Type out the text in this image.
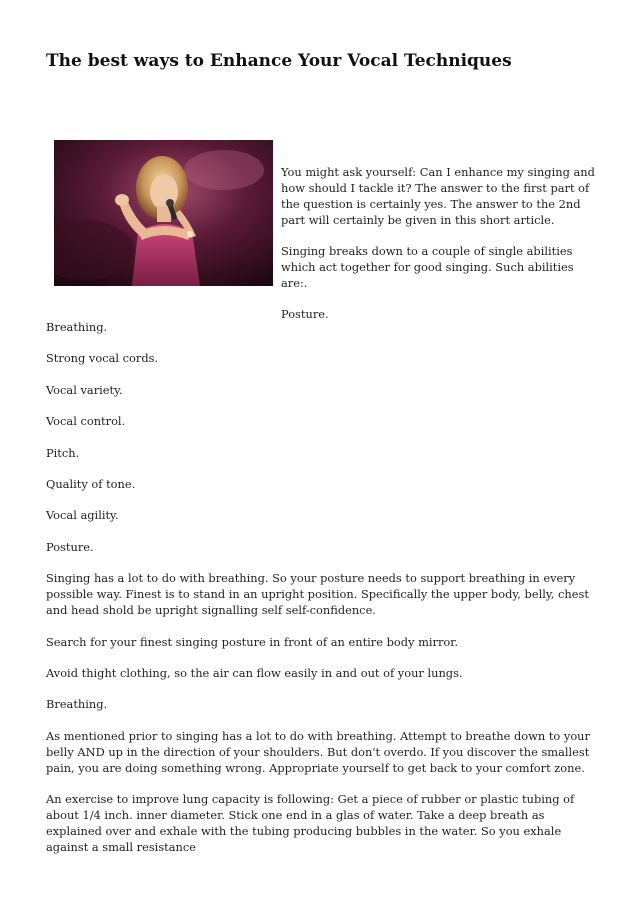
The best ways to Enhance Your Vocal Techniques

You might ask yourself: Can I enhance my singing and how should I tackle it? The answer to the first part of the question is certainly yes. The answer to the 2nd part will certainly be given in this short article.

Singing breaks down to a couple of single abilities which act together for good singing. Such abilities are:.

Posture.

Breathing.

Strong vocal cords.

Vocal variety.

Vocal control.

Pitch.

Quality of tone.

Vocal agility.

Posture.

Singing has a lot to do with breathing. So your posture needs to support breathing in every possible way. Finest is to stand in an upright position. Specifically the upper body, belly, chest and head shold be upright signalling self self-confidence.

Search for your finest singing posture in front of an entire body mirror.

Avoid thight clothing, so the air can flow easily in and out of your lungs.

Breathing.

As mentioned prior to singing has a lot to do with breathing. Attempt to breathe down to your belly AND up in the direction of your shoulders. But don't overdo. If you discover the smallest pain, you are doing something wrong. Appropriate yourself to get back to your comfort zone.

An exercise to improve lung capacity is following: Get a piece of rubber or plastic tubing of about 1/4 inch. inner diameter. Stick one end in a glas of water. Take a deep breath as explained over and exhale with the tubing producing bubbles in the water. So you exhale against a small resistance
